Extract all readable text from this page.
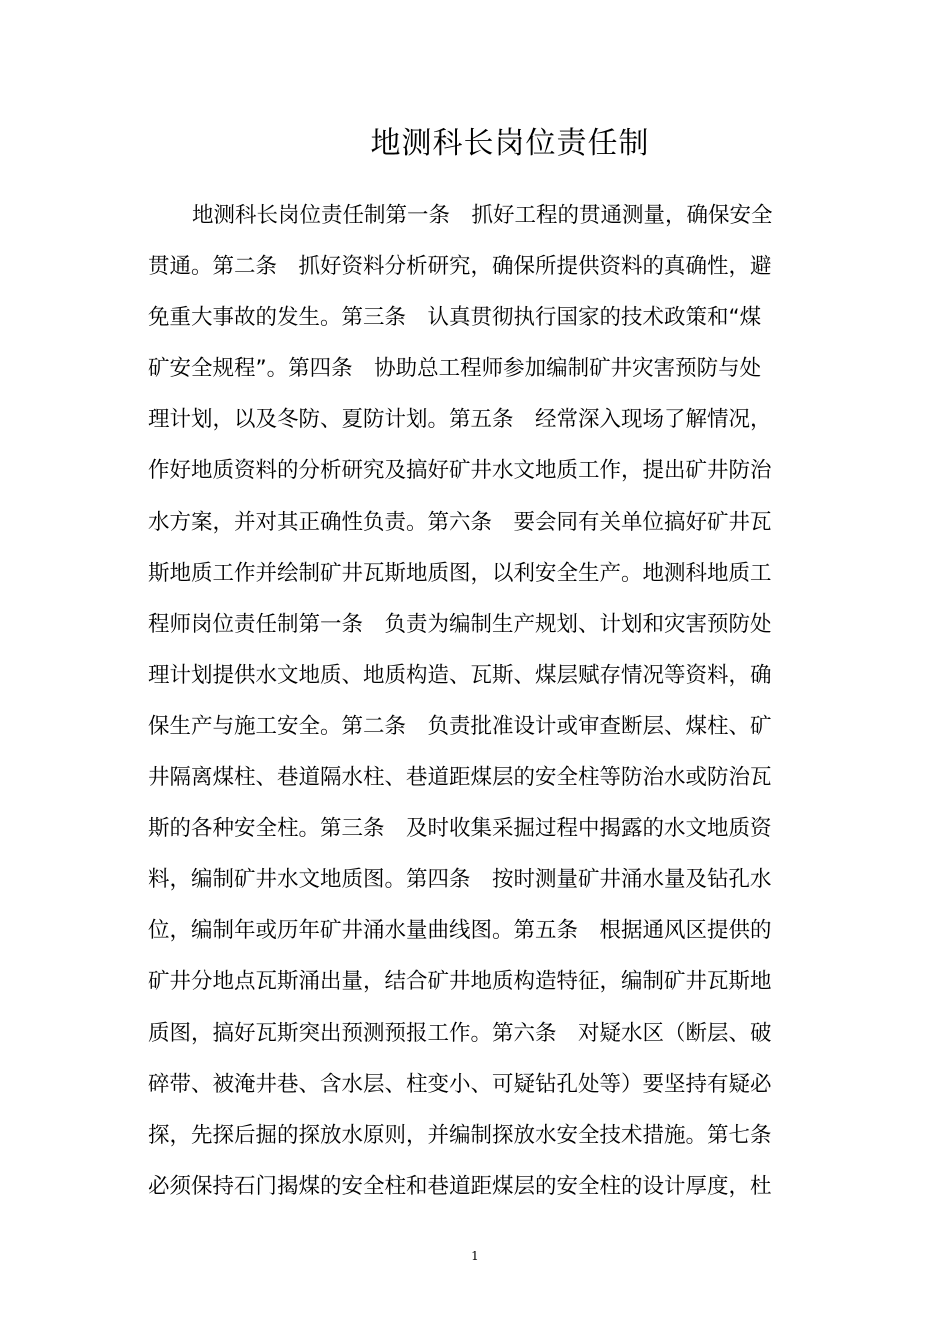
地测科长岗位责任制
地测科长岗位责任制第一条　抓好工程的贯通测量，确保安全
贯通。第二条　抓好资料分析研究，确保所提供资料的真确性，避
免重大事故的发生。第三条　认真贯彻执行国家的技术政策和“煤
矿安全规程”。第四条　协助总工程师参加编制矿井灾害预防与处
理计划，以及冬防、夏防计划。第五条　经常深入现场了解情况，
作好地质资料的分析研究及搞好矿井水文地质工作，提出矿井防治
水方案，并对其正确性负责。第六条　要会同有关单位搞好矿井瓦
斯地质工作并绘制矿井瓦斯地质图，以利安全生产。地测科地质工
程师岗位责任制第一条　负责为编制生产规划、计划和灾害预防处
理计划提供水文地质、地质构造、瓦斯、煤层赋存情况等资料，确
保生产与施工安全。第二条　负责批准设计或审查断层、煤柱、矿
井隔离煤柱、巷道隔水柱、巷道距煤层的安全柱等防治水或防治瓦
斯的各种安全柱。第三条　及时收集采掘过程中揭露的水文地质资
料，编制矿井水文地质图。第四条　按时测量矿井涌水量及钻孔水
位，编制年或历年矿井涌水量曲线图。第五条　根据通风区提供的
矿井分地点瓦斯涌出量，结合矿井地质构造特征，编制矿井瓦斯地
质图，搞好瓦斯突出预测预报工作。第六条　对疑水区（断层、破
碎带、被淹井巷、含水层、柱变小、可疑钻孔处等）要坚持有疑必
探，先探后掘的探放水原则，并编制探放水安全技术措施。第七条
必须保持石门揭煤的安全柱和巷道距煤层的安全柱的设计厚度，杜
1
